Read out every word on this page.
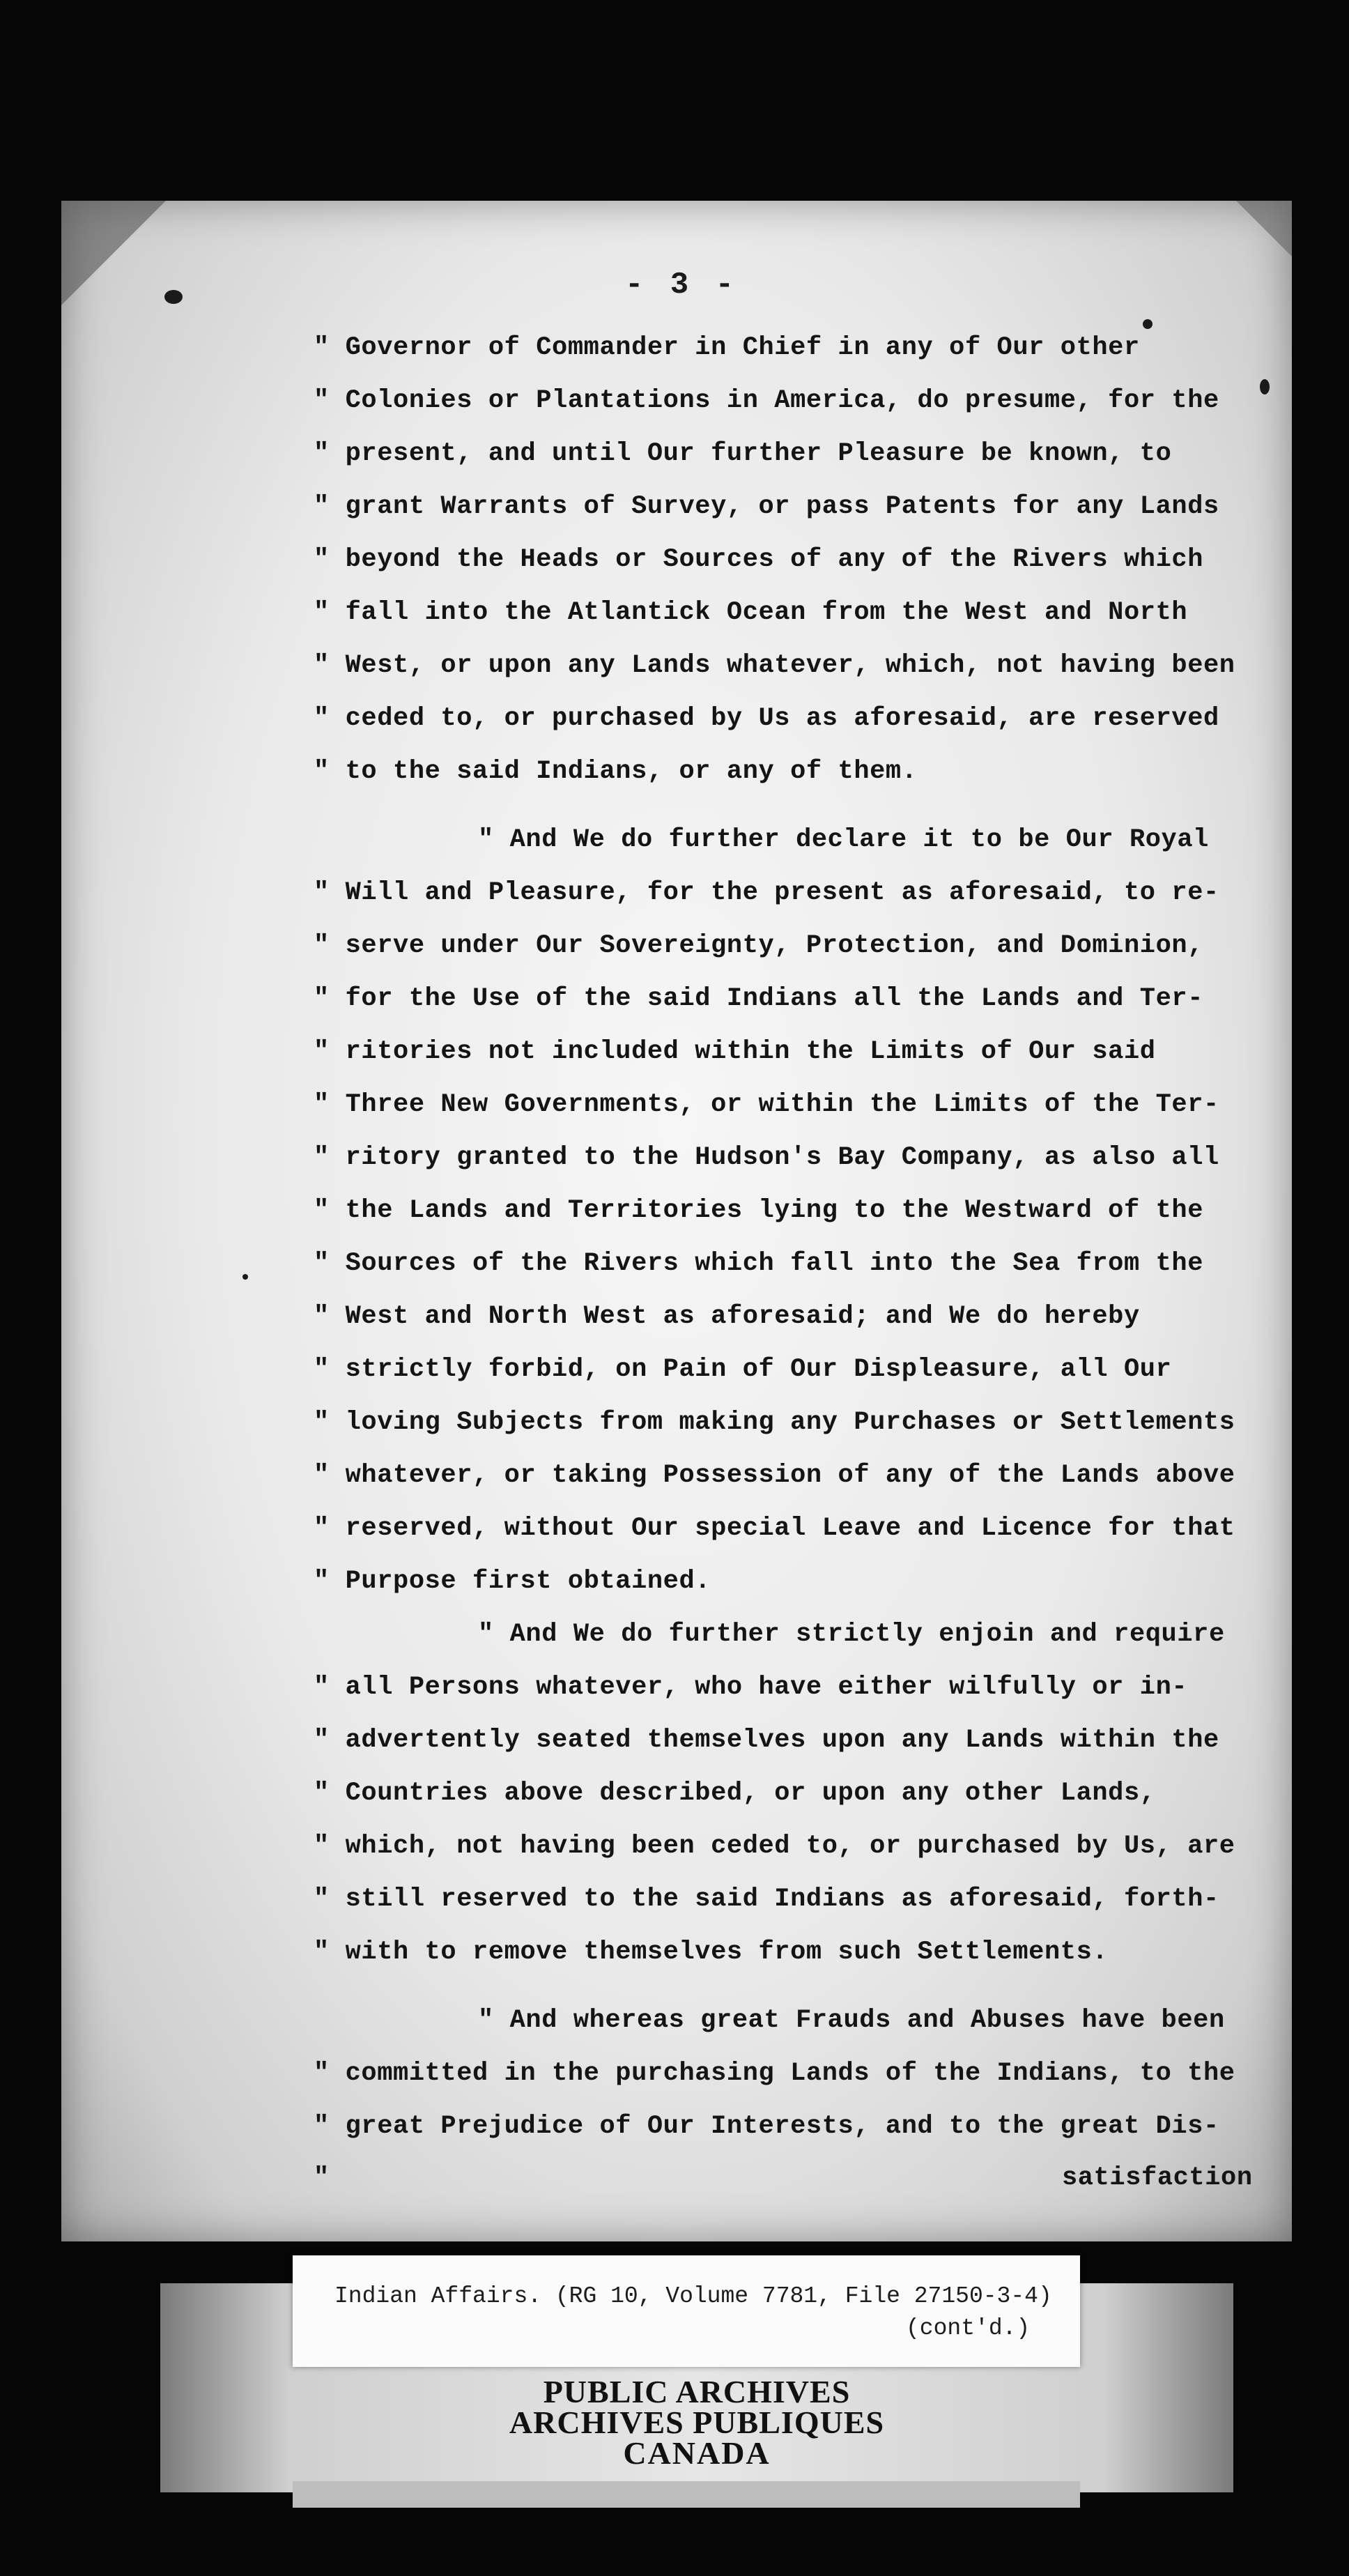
- 3 -
" Governor of Commander in Chief in any of Our other
" Colonies or Plantations in America, do presume, for the
" present, and until Our further Pleasure be known, to
" grant Warrants of Survey, or pass Patents for any Lands
" beyond the Heads or Sources of any of the Rivers which
" fall into the Atlantick Ocean from the West and North
" West, or upon any Lands whatever, which, not having been
" ceded to, or purchased by Us as aforesaid, are reserved
" to the said Indians, or any of them.
" And We do further declare it to be Our Royal
" Will and Pleasure, for the present as aforesaid, to re-
" serve under Our Sovereignty, Protection, and Dominion,
" for the Use of the said Indians all the Lands and Ter-
" ritories not included within the Limits of Our said
" Three New Governments, or within the Limits of the Ter-
" ritory granted to the Hudson's Bay Company, as also all
" the Lands and Territories lying to the Westward of the
" Sources of the Rivers which fall into the Sea from the
" West and North West as aforesaid; and We do hereby
" strictly forbid, on Pain of Our Displeasure, all Our
" loving Subjects from making any Purchases or Settlements
" whatever, or taking Possession of any of the Lands above
" reserved, without Our special Leave and Licence for that
" Purpose first obtained.
" And We do further strictly enjoin and require
" all Persons whatever, who have either wilfully or in-
" advertently seated themselves upon any Lands within the
" Countries above described, or upon any other Lands,
" which, not having been ceded to, or purchased by Us, are
" still reserved to the said Indians as aforesaid, forth-
" with to remove themselves from such Settlements.
" And whereas great Frauds and Abuses have been
" committed in the purchasing Lands of the Indians, to the
" great Prejudice of Our Interests, and to the great Dis-
"	satisfaction
Indian Affairs. (RG 10, Volume 7781, File 27150-3-4)
(cont'd.)
PUBLIC ARCHIVES
ARCHIVES PUBLIQUES
CANADA
